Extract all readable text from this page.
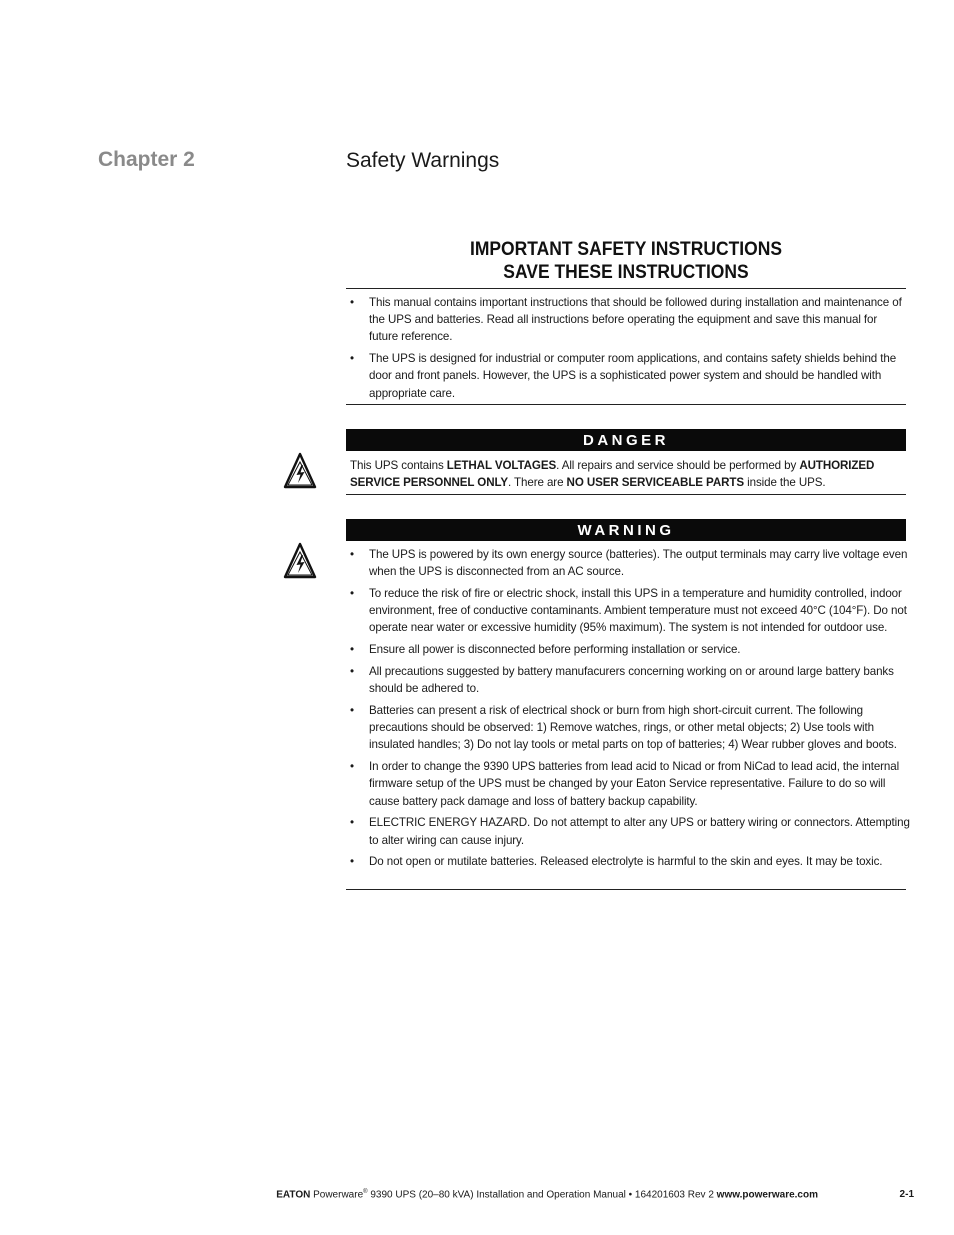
Chapter 2	Safety Warnings
IMPORTANT SAFETY INSTRUCTIONS
SAVE THESE INSTRUCTIONS
• This manual contains important instructions that should be followed during installation and maintenance of the UPS and batteries. Read all instructions before operating the equipment and save this manual for future reference.
• The UPS is designed for industrial or computer room applications, and contains safety shields behind the door and front panels. However, the UPS is a sophisticated power system and should be handled with appropriate care.
DANGER
This UPS contains LETHAL VOLTAGES. All repairs and service should be performed by AUTHORIZED SERVICE PERSONNEL ONLY. There are NO USER SERVICEABLE PARTS inside the UPS.
WARNING
• The UPS is powered by its own energy source (batteries). The output terminals may carry live voltage even when the UPS is disconnected from an AC source.
• To reduce the risk of fire or electric shock, install this UPS in a temperature and humidity controlled, indoor environment, free of conductive contaminants. Ambient temperature must not exceed 40°C (104°F). Do not operate near water or excessive humidity (95% maximum). The system is not intended for outdoor use.
• Ensure all power is disconnected before performing installation or service.
• All precautions suggested by battery manufacurers concerning working on or around large battery banks should be adhered to.
• Batteries can present a risk of electrical shock or burn from high short-circuit current. The following precautions should be observed: 1) Remove watches, rings, or other metal objects; 2) Use tools with insulated handles; 3) Do not lay tools or metal parts on top of batteries; 4) Wear rubber gloves and boots.
• In order to change the 9390 UPS batteries from lead acid to Nicad or from NiCad to lead acid, the internal firmware setup of the UPS must be changed by your Eaton Service representative. Failure to do so will cause battery pack damage and loss of battery backup capability.
• ELECTRIC ENERGY HAZARD. Do not attempt to alter any UPS or battery wiring or connectors. Attempting to alter wiring can cause injury.
• Do not open or mutilate batteries. Released electrolyte is harmful to the skin and eyes. It may be toxic.
EATON Powerware® 9390 UPS (20–80 kVA) Installation and Operation Manual • 164201603 Rev 2 www.powerware.com	2-1
